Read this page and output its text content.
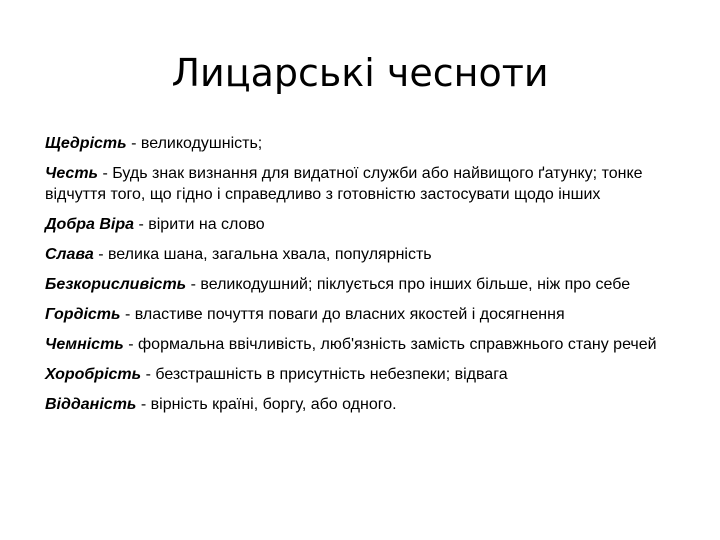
Лицарські чесноти

Щедрість - великодушність;

Честь - Будь знак визнання для видатної служби або найвищого ґатунку; тонке відчуття того, що гідно і справедливо з готовністю застосувати щодо інших

Добра Віра - вірити на слово

Слава - велика шана, загальна хвала, популярність

Безкорисливість - великодушний; піклується про інших більше, ніж про себе

Гордість - властиве почуття поваги до власних якостей і досягнення

Чемність - формальна ввічливість, люб'язність замість справжнього стану речей

Хоробрість - безстрашність в присутність небезпеки; відвага

Відданість - вірність країні, боргу, або одного.
